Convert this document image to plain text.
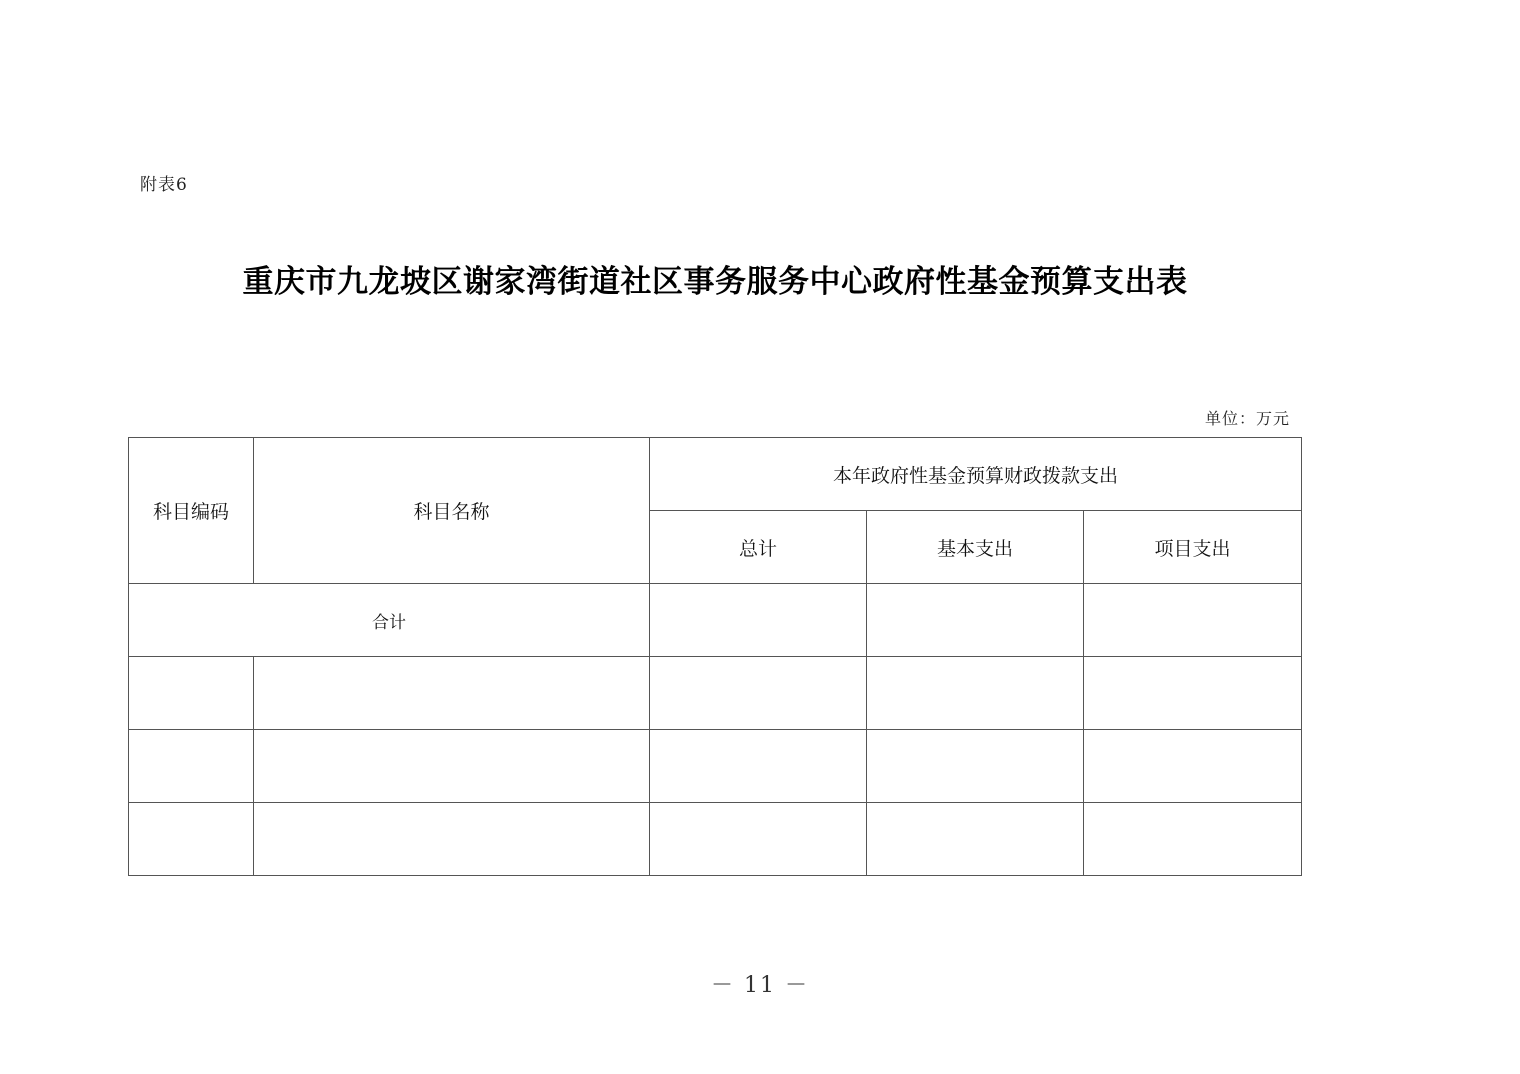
附表6
重庆市九龙坡区谢家湾街道社区事务服务中心政府性基金预算支出表
单位：万元
科目编码	科目名称	本年政府性基金预算财政拨款支出		
		总计	基本支出	项目支出
合计				

－ 11 －
